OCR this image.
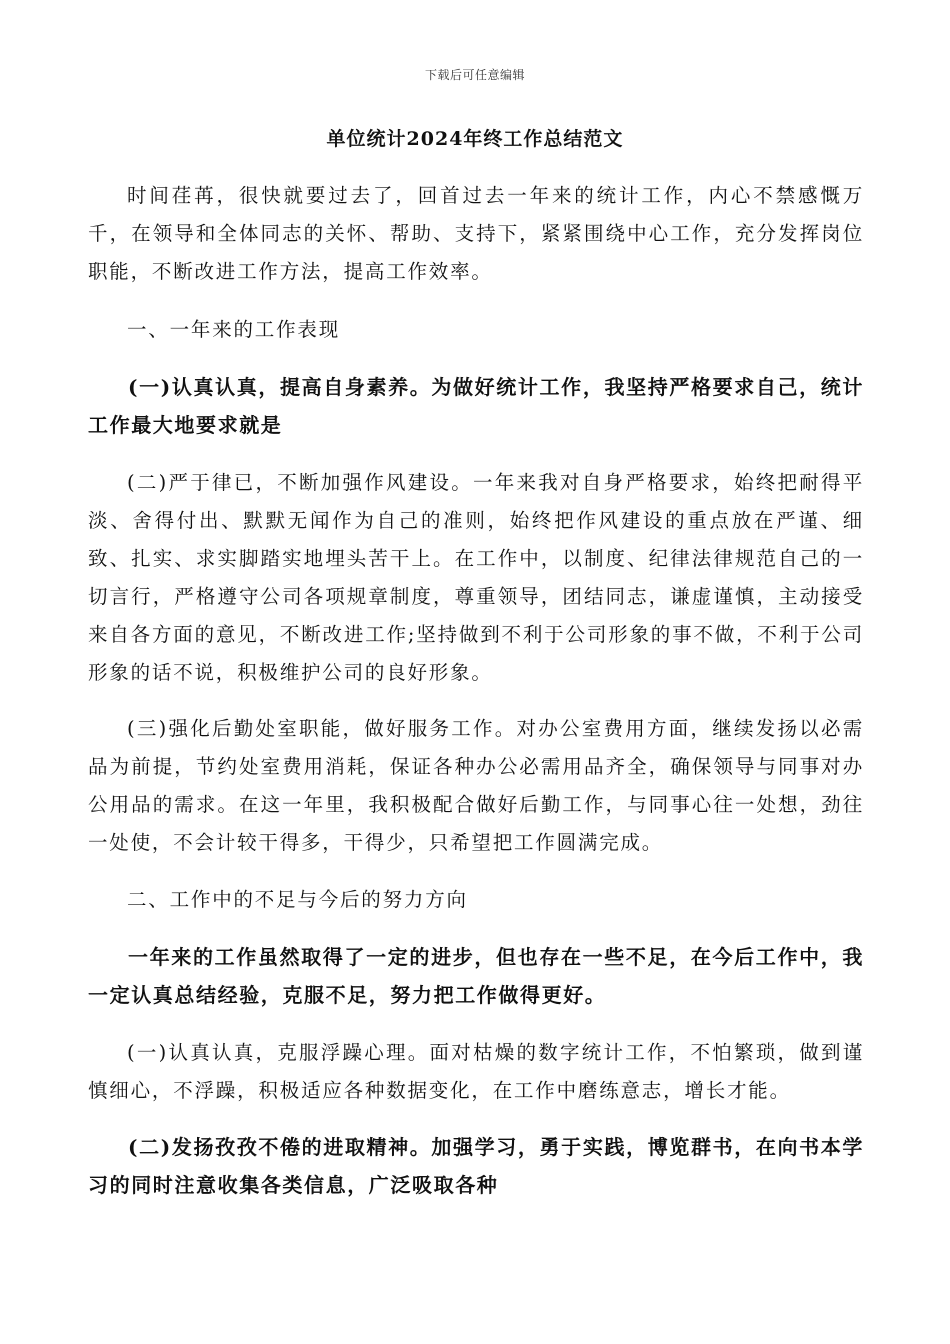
下载后可任意编辑
单位统计2024年终工作总结范文

时间荏苒，很快就要过去了，回首过去一年来的统计工作，内心不禁感慨万千，在领导和全体同志的关怀、帮助、支持下，紧紧围绕中心工作，充分发挥岗位职能，不断改进工作方法，提高工作效率。

一、一年来的工作表现

(一)认真认真，提高自身素养。为做好统计工作，我坚持严格要求自己，统计工作最大地要求就是

(二)严于律已，不断加强作风建设。一年来我对自身严格要求，始终把耐得平淡、舍得付出、默默无闻作为自己的准则，始终把作风建设的重点放在严谨、细致、扎实、求实脚踏实地埋头苦干上。在工作中，以制度、纪律法律规范自己的一切言行，严格遵守公司各项规章制度，尊重领导，团结同志，谦虚谨慎，主动接受来自各方面的意见，不断改进工作;坚持做到不利于公司形象的事不做，不利于公司形象的话不说，积极维护公司的良好形象。

(三)强化后勤处室职能，做好服务工作。对办公室费用方面，继续发扬以必需品为前提，节约处室费用消耗，保证各种办公必需用品齐全，确保领导与同事对办公用品的需求。在这一年里，我积极配合做好后勤工作，与同事心往一处想，劲往一处使，不会计较干得多，干得少，只希望把工作圆满完成。

二、工作中的不足与今后的努力方向

一年来的工作虽然取得了一定的进步，但也存在一些不足，在今后工作中，我一定认真总结经验，克服不足，努力把工作做得更好。

(一)认真认真，克服浮躁心理。面对枯燥的数字统计工作，不怕繁琐，做到谨慎细心，不浮躁，积极适应各种数据变化，在工作中磨练意志，增长才能。

(二)发扬孜孜不倦的进取精神。加强学习，勇于实践，博览群书，在向书本学习的同时注意收集各类信息，广泛吸取各种
